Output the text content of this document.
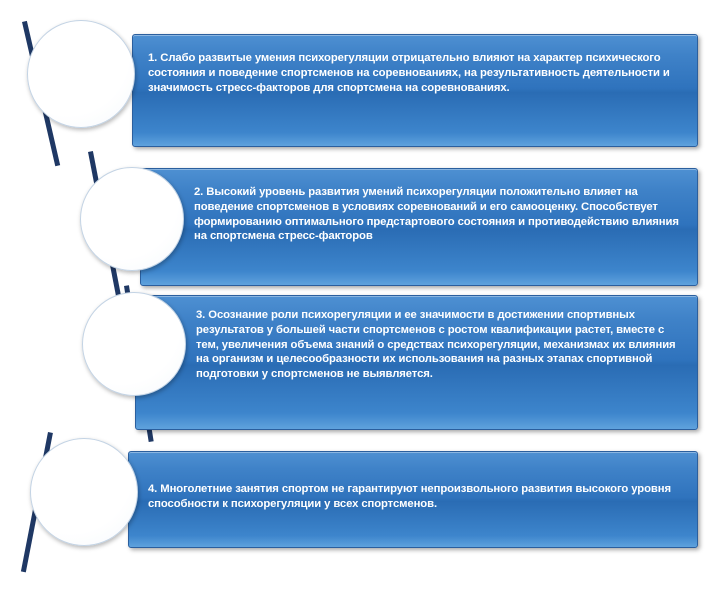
1. Слабо развитые умения психорегуляции отрицательно влияют на характер психического состояния и поведение спортсменов на соревнованиях, на результативность деятельности и значимость стресс-факторов для спортсмена на соревнованиях.
2. Высокий уровень развития умений психорегуляции положительно влияет на поведение спортсменов в условиях соревнований и его самооценку. Способствует формированию оптимального предстартового состояния и противодействию влияния на спортсмена стресс-факторов
3. Осознание роли психорегуляции и ее значимости в достижении спортивных результатов у большей части спортсменов с ростом квалификации растет, вместе с тем, увеличения объема знаний о средствах психорегуляции, механизмах их влияния на организм и целесообразности их использования на разных этапах спортивной подготовки у спортсменов не выявляется.
4. Многолетние занятия спортом не гарантируют непроизвольного развития высокого уровня способности к психорегуляции у всех спортсменов.
